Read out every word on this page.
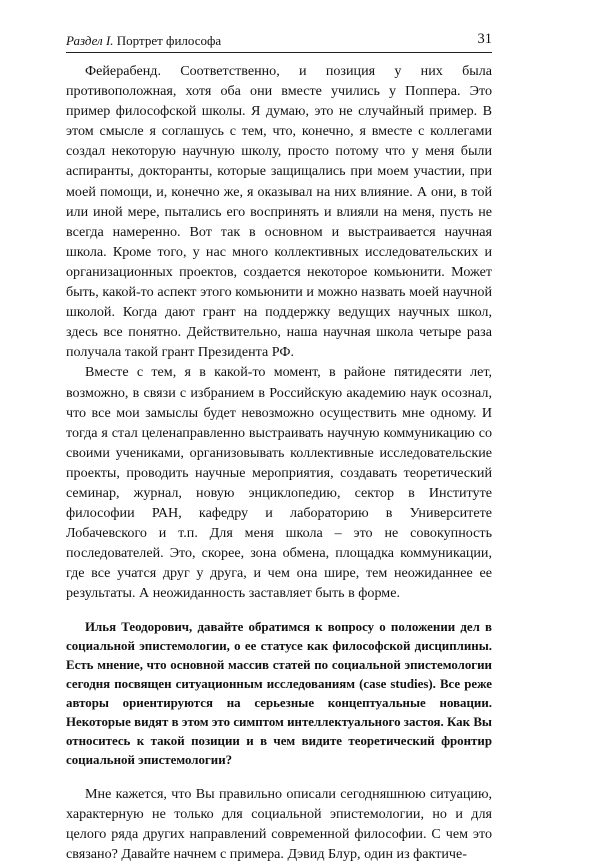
Раздел I. Портрет философа	31

Фейерабенд. Соответственно, и позиция у них была противоположная, хотя оба они вместе учились у Поппера. Это пример философской школы. Я думаю, это не случайный пример. В этом смысле я соглашусь с тем, что, конечно, я вместе с коллегами создал некоторую научную школу, просто потому что у меня были аспиранты, докторанты, которые защищались при моем участии, при моей помощи, и, конечно же, я оказывал на них влияние. А они, в той или иной мере, пытались его воспринять и влияли на меня, пусть не всегда намеренно. Вот так в основном и выстраивается научная школа. Кроме того, у нас много коллективных исследовательских и организационных проектов, создается некоторое комьюнити. Может быть, какой-то аспект этого комьюнити и можно назвать моей научной школой. Когда дают грант на поддержку ведущих научных школ, здесь все понятно. Действительно, наша научная школа четыре раза получала такой грант Президента РФ.

Вместе с тем, я в какой-то момент, в районе пятидесяти лет, возможно, в связи с избранием в Российскую академию наук осознал, что все мои замыслы будет невозможно осуществить мне одному. И тогда я стал целенаправленно выстраивать научную коммуникацию со своими учениками, организовывать коллективные исследовательские проекты, проводить научные мероприятия, создавать теоретический семинар, журнал, новую энциклопедию, сектор в Институте философии РАН, кафедру и лабораторию в Университете Лобачевского и т.п. Для меня школа – это не совокупность последователей. Это, скорее, зона обмена, площадка коммуникации, где все учатся друг у друга, и чем она шире, тем неожиданнее ее результаты. А неожиданность заставляет быть в форме.

Илья Теодорович, давайте обратимся к вопросу о положении дел в социальной эпистемологии, о ее статусе как философской дисциплины. Есть мнение, что основной массив статей по социальной эпистемологии сегодня посвящен ситуационным исследованиям (case studies). Все реже авторы ориентируются на серьезные концептуальные новации. Некоторые видят в этом это симптом интеллектуального застоя. Как Вы относитесь к такой позиции и в чем видите теоретический фронтир социальной эпистемологии?

Мне кажется, что Вы правильно описали сегодняшнюю ситуацию, характерную не только для социальной эпистемологии, но и для целого ряда других направлений современной философии. С чем это связано? Давайте начнем с примера. Дэвид Блур, один из фактиче-
